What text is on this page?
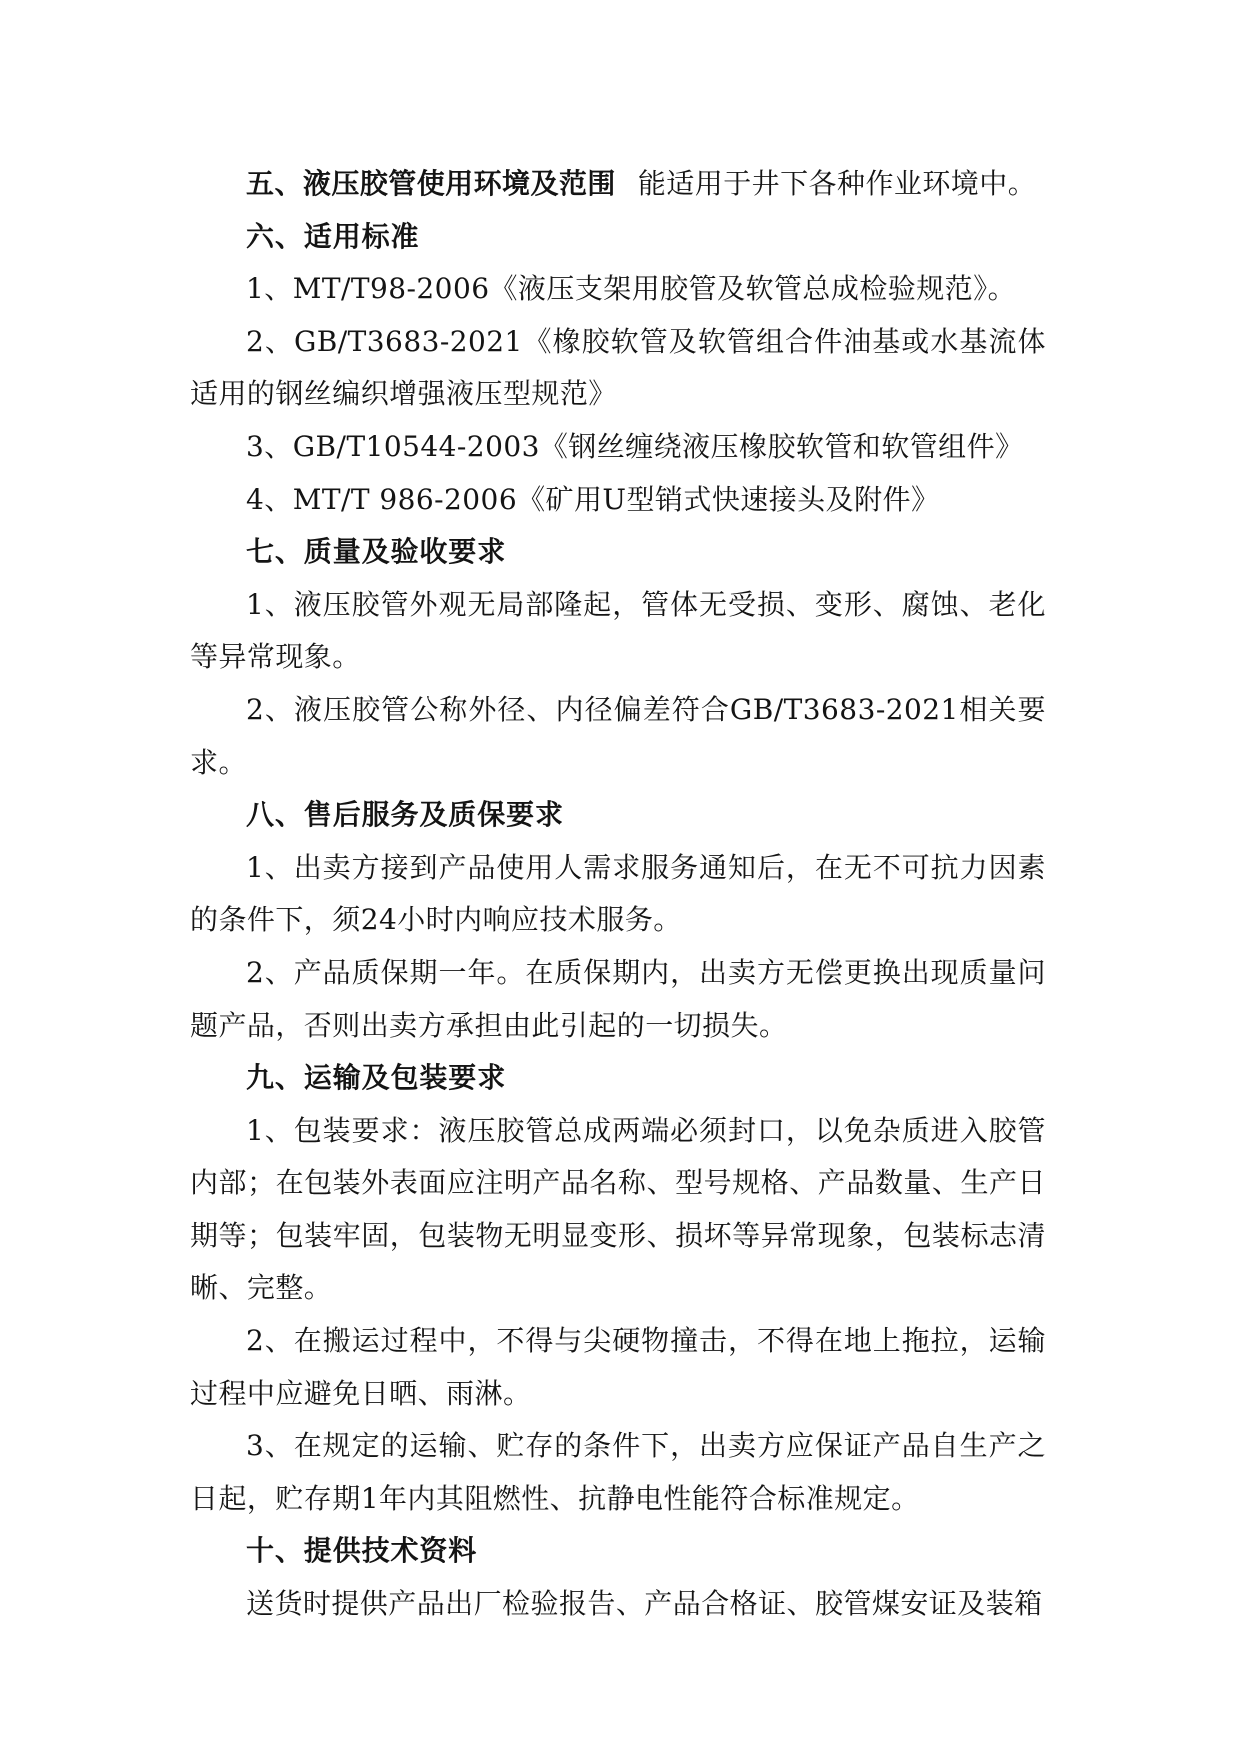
五、液压胶管使用环境及范围 能适用于井下各种作业环境中。

六、适用标准

1、MT/T98-2006《液压支架用胶管及软管总成检验规范》。

2、GB/T3683-2021《橡胶软管及软管组合件油基或水基流体适用的钢丝编织增强液压型规范》

3、GB/T10544-2003《钢丝缠绕液压橡胶软管和软管组件》

4、MT/T 986-2006《矿用U型销式快速接头及附件》

七、质量及验收要求

1、液压胶管外观无局部隆起，管体无受损、变形、腐蚀、老化等异常现象。

2、液压胶管公称外径、内径偏差符合GB/T3683-2021相关要求。

八、售后服务及质保要求

1、出卖方接到产品使用人需求服务通知后，在无不可抗力因素的条件下，须24小时内响应技术服务。

2、产品质保期一年。在质保期内，出卖方无偿更换出现质量问题产品，否则出卖方承担由此引起的一切损失。

九、运输及包装要求

1、包装要求：液压胶管总成两端必须封口，以免杂质进入胶管内部；在包装外表面应注明产品名称、型号规格、产品数量、生产日期等；包装牢固，包装物无明显变形、损坏等异常现象，包装标志清晰、完整。

2、在搬运过程中，不得与尖硬物撞击，不得在地上拖拉，运输过程中应避免日晒、雨淋。

3、在规定的运输、贮存的条件下，出卖方应保证产品自生产之日起，贮存期1年内其阻燃性、抗静电性能符合标准规定。

十、提供技术资料

送货时提供产品出厂检验报告、产品合格证、胶管煤安证及装箱
